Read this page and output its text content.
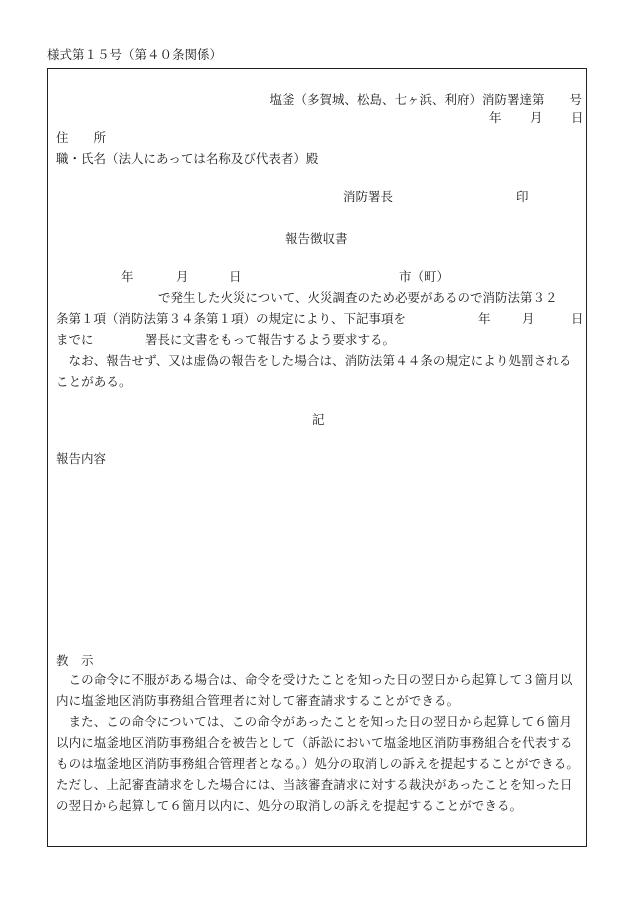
様式第１５号（第４０条関係）
塩釜（多賀城、松島、七ヶ浜、利府）消防署達第　　号
年 月 日
住　　所
職・氏名（法人にあっては名称及び代表者）殿
消防署長	印
報告徴収書
年	月	日	市（町）
で発生した火災について、火災調査のため必要があるので消防法第３２
条第１項（消防法第３４条第１項）の規定により、下記事項を	年	月	日
までに	署長に文書をもって報告するよう要求する。
なお、報告せず、又は虚偽の報告をした場合は、消防法第４４条の規定により処罰されることがある。
記
報告内容
教　示
この命令に不服がある場合は、命令を受けたことを知った日の翌日から起算して３箇月以内に塩釜地区消防事務組合管理者に対して審査請求することができる。
また、この命令については、この命令があったことを知った日の翌日から起算して６箇月以内に塩釜地区消防事務組合を被告として（訴訟において塩釜地区消防事務組合を代表するものは塩釜地区消防事務組合管理者となる。）処分の取消しの訴えを提起することができる。ただし、上記審査請求をした場合には、当該審査請求に対する裁決があったことを知った日の翌日から起算して６箇月以内に、処分の取消しの訴えを提起することができる。
